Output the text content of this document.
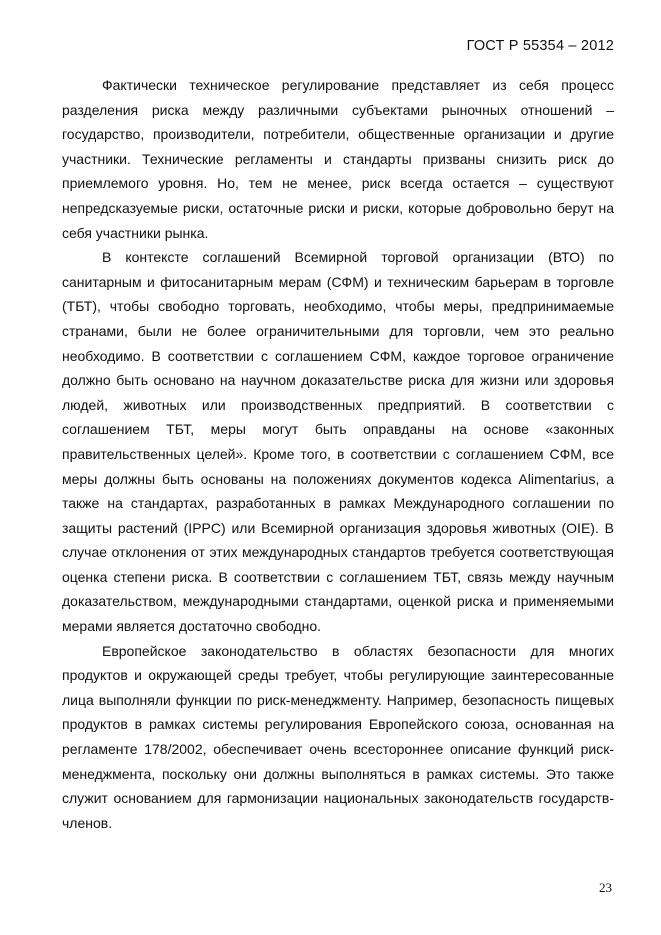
ГОСТ Р 55354 – 2012

Фактически техническое регулирование представляет из себя процесс разделения риска между различными субъектами рыночных отношений – государство, производители, потребители, общественные организации и другие участники. Технические регламенты и стандарты призваны снизить риск до приемлемого уровня. Но, тем не менее, риск всегда остается – существуют непредсказуемые риски, остаточные риски и риски, которые добровольно берут на себя участники рынка.

В контексте соглашений Всемирной торговой организации (ВТО) по санитарным и фитосанитарным мерам (СФМ) и техническим барьерам в торговле (ТБТ), чтобы свободно торговать, необходимо, чтобы меры, предпринимаемые странами, были не более ограничительными для торговли, чем это реально необходимо. В соответствии с соглашением СФМ, каждое торговое ограничение должно быть основано на научном доказательстве риска для жизни или здоровья людей, животных или производственных предприятий. В соответствии с соглашением ТБТ, меры могут быть оправданы на основе «законных правительственных целей». Кроме того, в соответствии с соглашением СФМ, все меры должны быть основаны на положениях документов кодекса Alimentarius, а также на стандартах, разработанных в рамках Международного соглашении по защиты растений (IPPC) или Всемирной организация здоровья животных (OIE). В случае отклонения от этих международных стандартов требуется соответствующая оценка степени риска. В соответствии с соглашением ТБТ, связь между научным доказательством, международными стандартами, оценкой риска и применяемыми мерами является достаточно свободно.

Европейское законодательство в областях безопасности для многих продуктов и окружающей среды требует, чтобы регулирующие заинтересованные лица выполняли функции по риск-менеджменту. Например, безопасность пищевых продуктов в рамках системы регулирования Европейского союза, основанная на регламенте 178/2002, обеспечивает очень всестороннее описание функций риск-менеджмента, поскольку они должны выполняться в рамках системы. Это также служит основанием для гармонизации национальных законодательств государств-членов.

23
